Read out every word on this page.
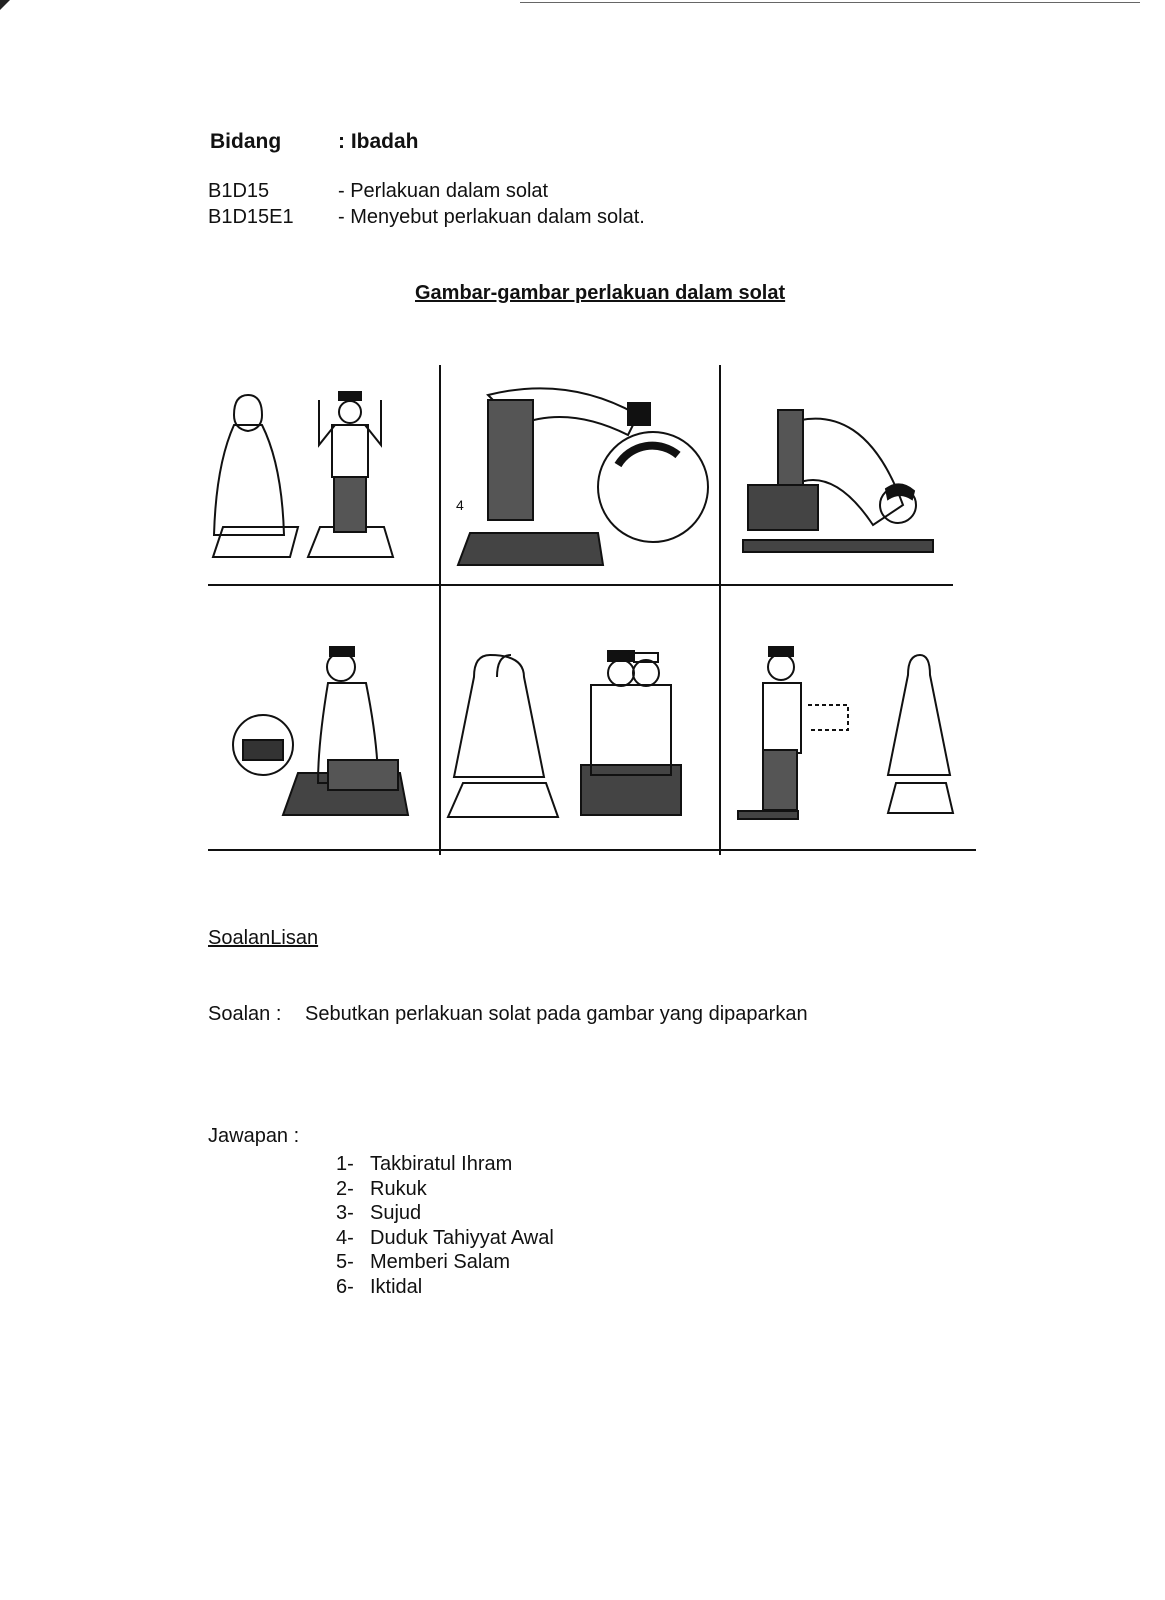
Bidang	: Ibadah
B1D15	- Perlakuan dalam solat
B1D15E1 - Menyebut perlakuan dalam solat.
Gambar-gambar perlakuan dalam solat
4
SoalanLisan
Soalan : Sebutkan perlakuan solat pada gambar yang dipaparkan
Jawapan :
1- Takbiratul Ihram
2- Rukuk
3- Sujud
4- Duduk Tahiyyat Awal
5- Memberi Salam
6- Iktidal
